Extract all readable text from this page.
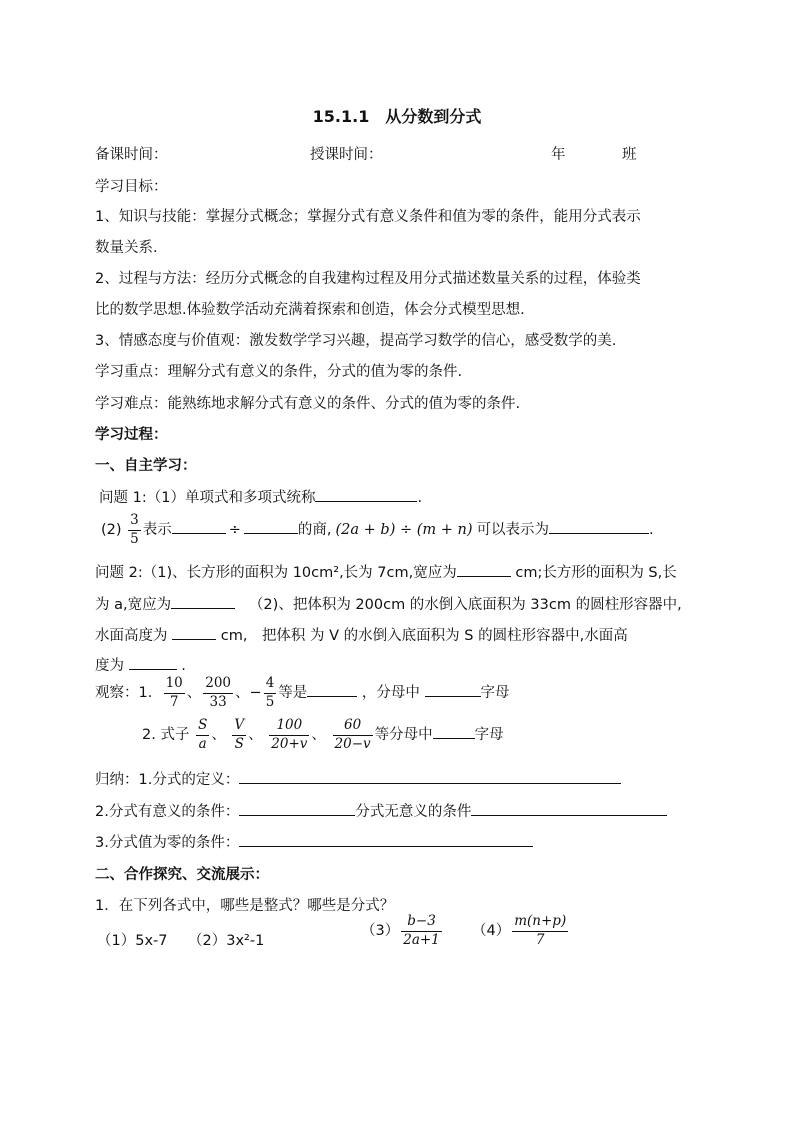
15.1.1　从分数到分式
备课时间：	授课时间：	年	班
学习目标：
1、知识与技能：掌握分式概念；掌握分式有意义条件和值为零的条件，能用分式表示
数量关系.
2、过程与方法：经历分式概念的自我建构过程及用分式描述数量关系的过程，体验类
比的数学思想.体验数学活动充满着探索和创造，体会分式模型思想.
3、情感态度与价值观：激发数学学习兴趣，提高学习数学的信心，感受数学的美.
学习重点：理解分式有意义的条件，分式的值为零的条件.
学习难点：能熟练地求解分式有意义的条件、分式的值为零的条件.
学习过程：
一、自主学习：
问题 1:（1）单项式和多项式统称	.
$(2) \frac{3}{5}$ 表示	÷	的商, (2a + b) ÷ (m + n) 可以表示为	.
问题 2:（1)、长方形的面积为 10cm²,长为 7cm,宽应为	cm;长方形的面积为 S,长
为 a,宽应为	（2)、把体积为 200cm 的水倒入底面积为 33cm 的圆柱形容器中,
水面高度为	cm,　把体积 为 V 的水倒入底面积为 S 的圆柱形容器中,水面高
度为	.
观察：1. $\frac{10}{7}$ 、 $\frac{200}{33}$ 、− $\frac{4}{5}$ 等是	，分母中	字母
2. 式子 $\frac{S}{a}$ 、 $\frac{V}{S}$ 、 $\frac{100}{20+v}$ 、 $\frac{60}{20-v}$ 等分母中	字母
归纳：1.分式的定义：
2.分式有意义的条件：	分式无意义的条件
3.分式值为零的条件：
二、合作探究、交流展示：
1．在下列各式中，哪些是整式？哪些是分式？
（1）5x-7 （2）3x²-1
$(3) \frac{b-3}{2a+1} (4) \frac{m(n+p)}{7}$
